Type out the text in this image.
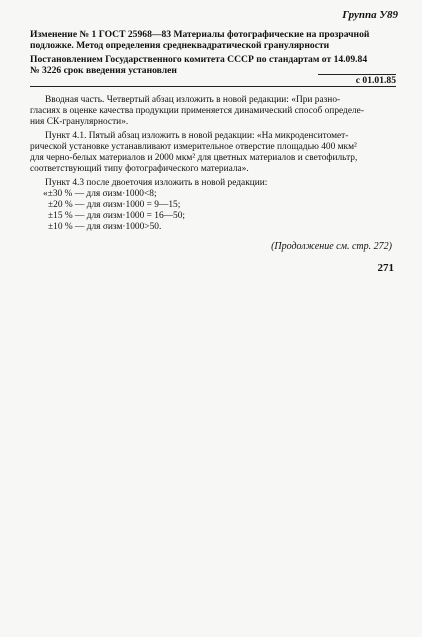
Группа У89
Изменение № 1 ГОСТ 25968—83 Материалы фотографические на прозрачной
подложке. Метод определения среднеквадратической гранулярности
Постановлением Государственного комитета СССР по стандартам от 14.09.84
№ 3226 срок введения установлен
с 01.01.85
Вводная часть. Четвертый абзац изложить в новой редакции: «При разно-
гласиях в оценке качества продукции применяется динамический способ определе-
ния СК-гранулярности».
Пункт 4.1. Пятый абзац изложить в новой редакции: «На микроденситомет-
рической установке устанавливают измерительное отверстие площадью 400 мкм²
для черно-белых материалов и 2000 мкм² для цветных материалов и светофильтр,
соответствующий типу фотографического материала».
Пункт 4.3 после двоеточия изложить в новой редакции:
«±30 % — для σизм·1000<8;
±20 % — для σизм·1000 = 9—15;
±15 % — для σизм·1000 = 16—50;
±10 % — для σизм·1000>50.
(Продолжение см. стр. 272)
271
